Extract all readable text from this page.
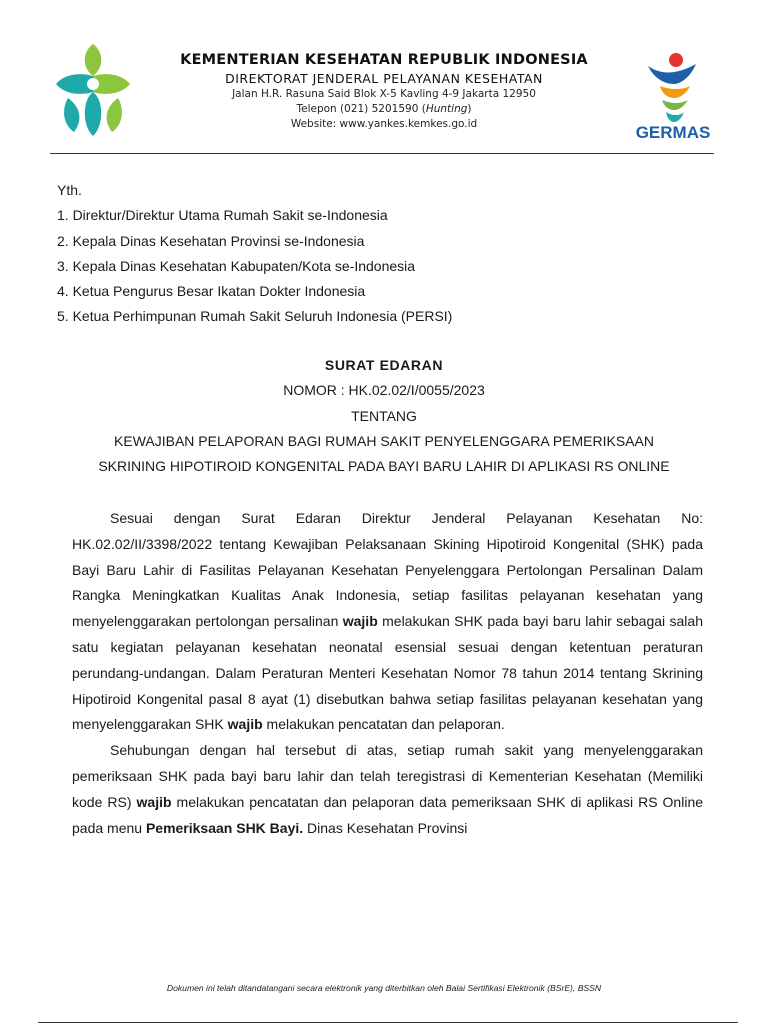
KEMENTERIAN KESEHATAN REPUBLIK INDONESIA
DIREKTORAT JENDERAL PELAYANAN KESEHATAN
Jalan H.R. Rasuna Said Blok X-5 Kavling 4-9 Jakarta 12950
Telepon (021) 5201590 (Hunting)
Website: www.yankes.kemkes.go.id	GERMAS
Yth.
1. Direktur/Direktur Utama Rumah Sakit se-Indonesia
2. Kepala Dinas Kesehatan Provinsi se-Indonesia
3. Kepala Dinas Kesehatan Kabupaten/Kota se-Indonesia
4. Ketua Pengurus Besar Ikatan Dokter Indonesia
5. Ketua Perhimpunan Rumah Sakit Seluruh Indonesia (PERSI)
SURAT EDARAN
NOMOR : HK.02.02/I/0055/2023
TENTANG
KEWAJIBAN PELAPORAN BAGI RUMAH SAKIT PENYELENGGARA PEMERIKSAAN
SKRINING HIPOTIROID KONGENITAL PADA BAYI BARU LAHIR DI APLIKASI RS ONLINE

Sesuai dengan Surat Edaran Direktur Jenderal Pelayanan Kesehatan No: HK.02.02/II/3398/2022 tentang Kewajiban Pelaksanaan Skining Hipotiroid Kongenital (SHK) pada Bayi Baru Lahir di Fasilitas Pelayanan Kesehatan Penyelenggara Pertolongan Persalinan Dalam Rangka Meningkatkan Kualitas Anak Indonesia, setiap fasilitas pelayanan kesehatan yang menyelenggarakan pertolongan persalinan wajib melakukan SHK pada bayi baru lahir sebagai salah satu kegiatan pelayanan kesehatan neonatal esensial sesuai dengan ketentuan peraturan perundang-undangan. Dalam Peraturan Menteri Kesehatan Nomor 78 tahun 2014 tentang Skrining Hipotiroid Kongenital pasal 8 ayat (1) disebutkan bahwa setiap fasilitas pelayanan kesehatan yang menyelenggarakan SHK wajib melakukan pencatatan dan pelaporan.

Sehubungan dengan hal tersebut di atas, setiap rumah sakit yang menyelenggarakan pemeriksaan SHK pada bayi baru lahir dan telah teregistrasi di Kementerian Kesehatan (Memiliki kode RS) wajib melakukan pencatatan dan pelaporan data pemeriksaan SHK di aplikasi RS Online pada menu Pemeriksaan SHK Bayi. Dinas Kesehatan Provinsi

Dokumen ini telah ditandatangani secara elektronik yang diterbitkan oleh Balai Sertifikasi Elektronik (BSrE), BSSN
